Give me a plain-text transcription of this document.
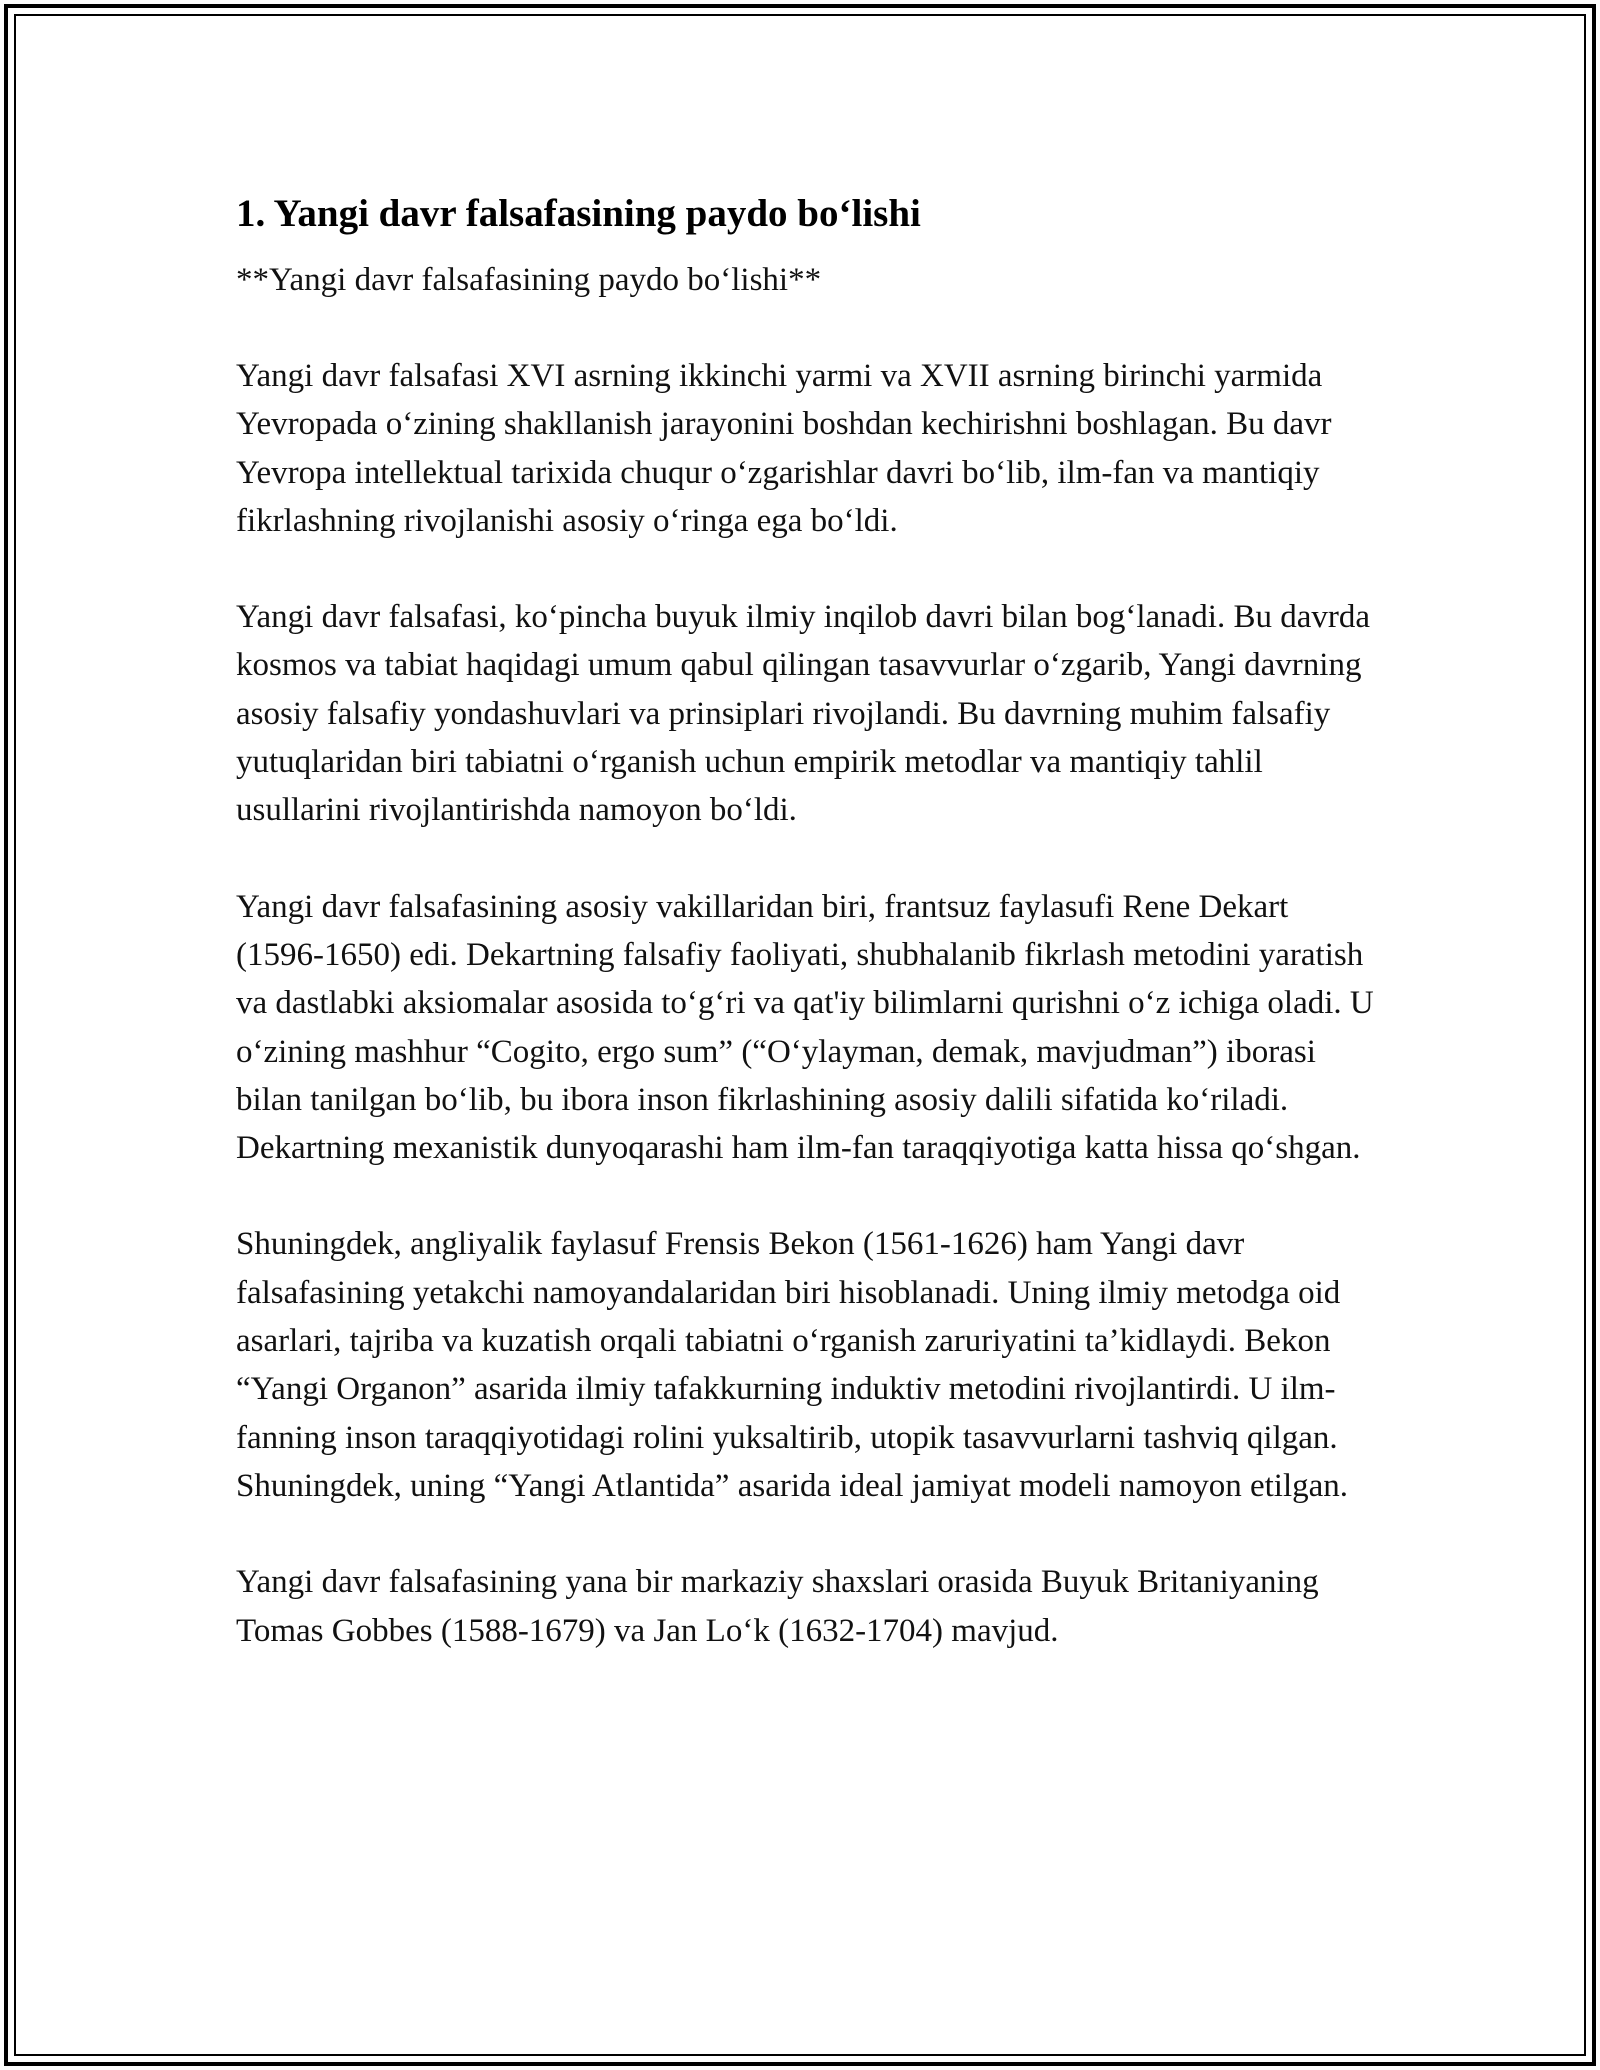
1. Yangi davr falsafasining paydo bo‘lishi

**Yangi davr falsafasining paydo bo‘lishi**

Yangi davr falsafasi XVI asrning ikkinchi yarmi va XVII asrning birinchi yarmida Yevropada o‘zining shakllanish jarayonini boshdan kechirishni boshlagan. Bu davr Yevropa intellektual tarixida chuqur o‘zgarishlar davri bo‘lib, ilm-fan va mantiqiy fikrlashning rivojlanishi asosiy o‘ringa ega bo‘ldi.

Yangi davr falsafasi, ko‘pincha buyuk ilmiy inqilob davri bilan bog‘lanadi. Bu davrda kosmos va tabiat haqidagi umum qabul qilingan tasavvurlar o‘zgarib, Yangi davrning asosiy falsafiy yondashuvlari va prinsiplari rivojlandi. Bu davrning muhim falsafiy yutuqlaridan biri tabiatni o‘rganish uchun empirik metodlar va mantiqiy tahlil usullarini rivojlantirishda namoyon bo‘ldi.

Yangi davr falsafasining asosiy vakillaridan biri, frantsuz faylasufi Rene Dekart (1596-1650) edi. Dekartning falsafiy faoliyati, shubhalanib fikrlash metodini yaratish va dastlabki aksiomalar asosida to‘g‘ri va qat'iy bilimlarni qurishni o‘z ichiga oladi. U o‘zining mashhur “Cogito, ergo sum” (“O‘ylayman, demak, mavjudman”) iborasi bilan tanilgan bo‘lib, bu ibora inson fikrlashining asosiy dalili sifatida ko‘riladi. Dekartning mexanistik dunyoqarashi ham ilm-fan taraqqiyotiga katta hissa qo‘shgan.

Shuningdek, angliyalik faylasuf Frensis Bekon (1561-1626) ham Yangi davr falsafasining yetakchi namoyandalaridan biri hisoblanadi. Uning ilmiy metodga oid asarlari, tajriba va kuzatish orqali tabiatni o‘rganish zaruriyatini ta’kidlaydi. Bekon “Yangi Organon” asarida ilmiy tafakkurning induktiv metodini rivojlantirdi. U ilm-fanning inson taraqqiyotidagi rolini yuksaltirib, utopik tasavvurlarni tashviq qilgan. Shuningdek, uning “Yangi Atlantida” asarida ideal jamiyat modeli namoyon etilgan.

Yangi davr falsafasining yana bir markaziy shaxslari orasida Buyuk Britaniyaning Tomas Gobbes (1588-1679) va Jan Lo‘k (1632-1704) mavjud.
